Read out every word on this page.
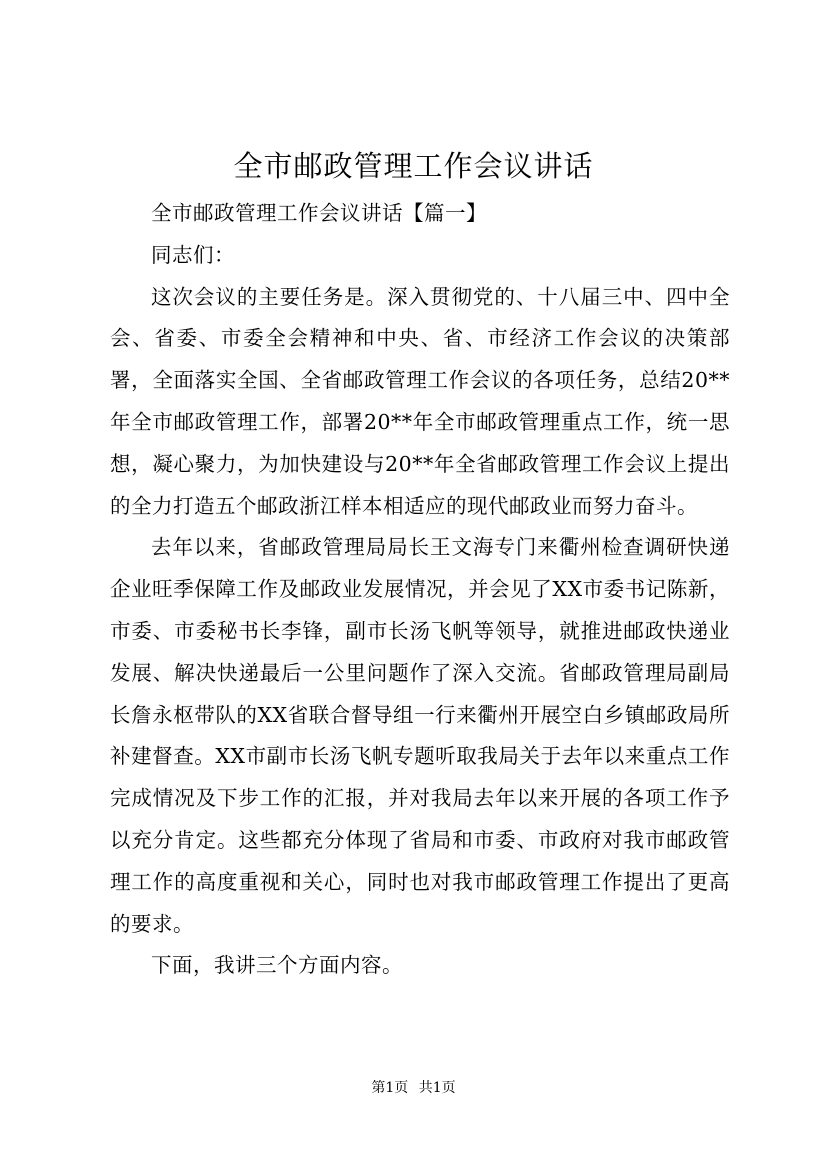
全市邮政管理工作会议讲话

全市邮政管理工作会议讲话【篇一】

同志们：

这次会议的主要任务是。深入贯彻党的、十八届三中、四中全会、省委、市委全会精神和中央、省、市经济工作会议的决策部署，全面落实全国、全省邮政管理工作会议的各项任务，总结20**年全市邮政管理工作，部署20**年全市邮政管理重点工作，统一思想，凝心聚力，为加快建设与20**年全省邮政管理工作会议上提出的全力打造五个邮政浙江样本相适应的现代邮政业而努力奋斗。

去年以来，省邮政管理局局长王文海专门来衢州检查调研快递企业旺季保障工作及邮政业发展情况，并会见了XX市委书记陈新，市委、市委秘书长李锋，副市长汤飞帆等领导，就推进邮政快递业发展、解决快递最后一公里问题作了深入交流。省邮政管理局副局长詹永枢带队的XX省联合督导组一行来衢州开展空白乡镇邮政局所补建督查。XX市副市长汤飞帆专题听取我局关于去年以来重点工作完成情况及下步工作的汇报，并对我局去年以来开展的各项工作予以充分肯定。这些都充分体现了省局和市委、市政府对我市邮政管理工作的高度重视和关心，同时也对我市邮政管理工作提出了更高的要求。

下面，我讲三个方面内容。

第1页 共1页
